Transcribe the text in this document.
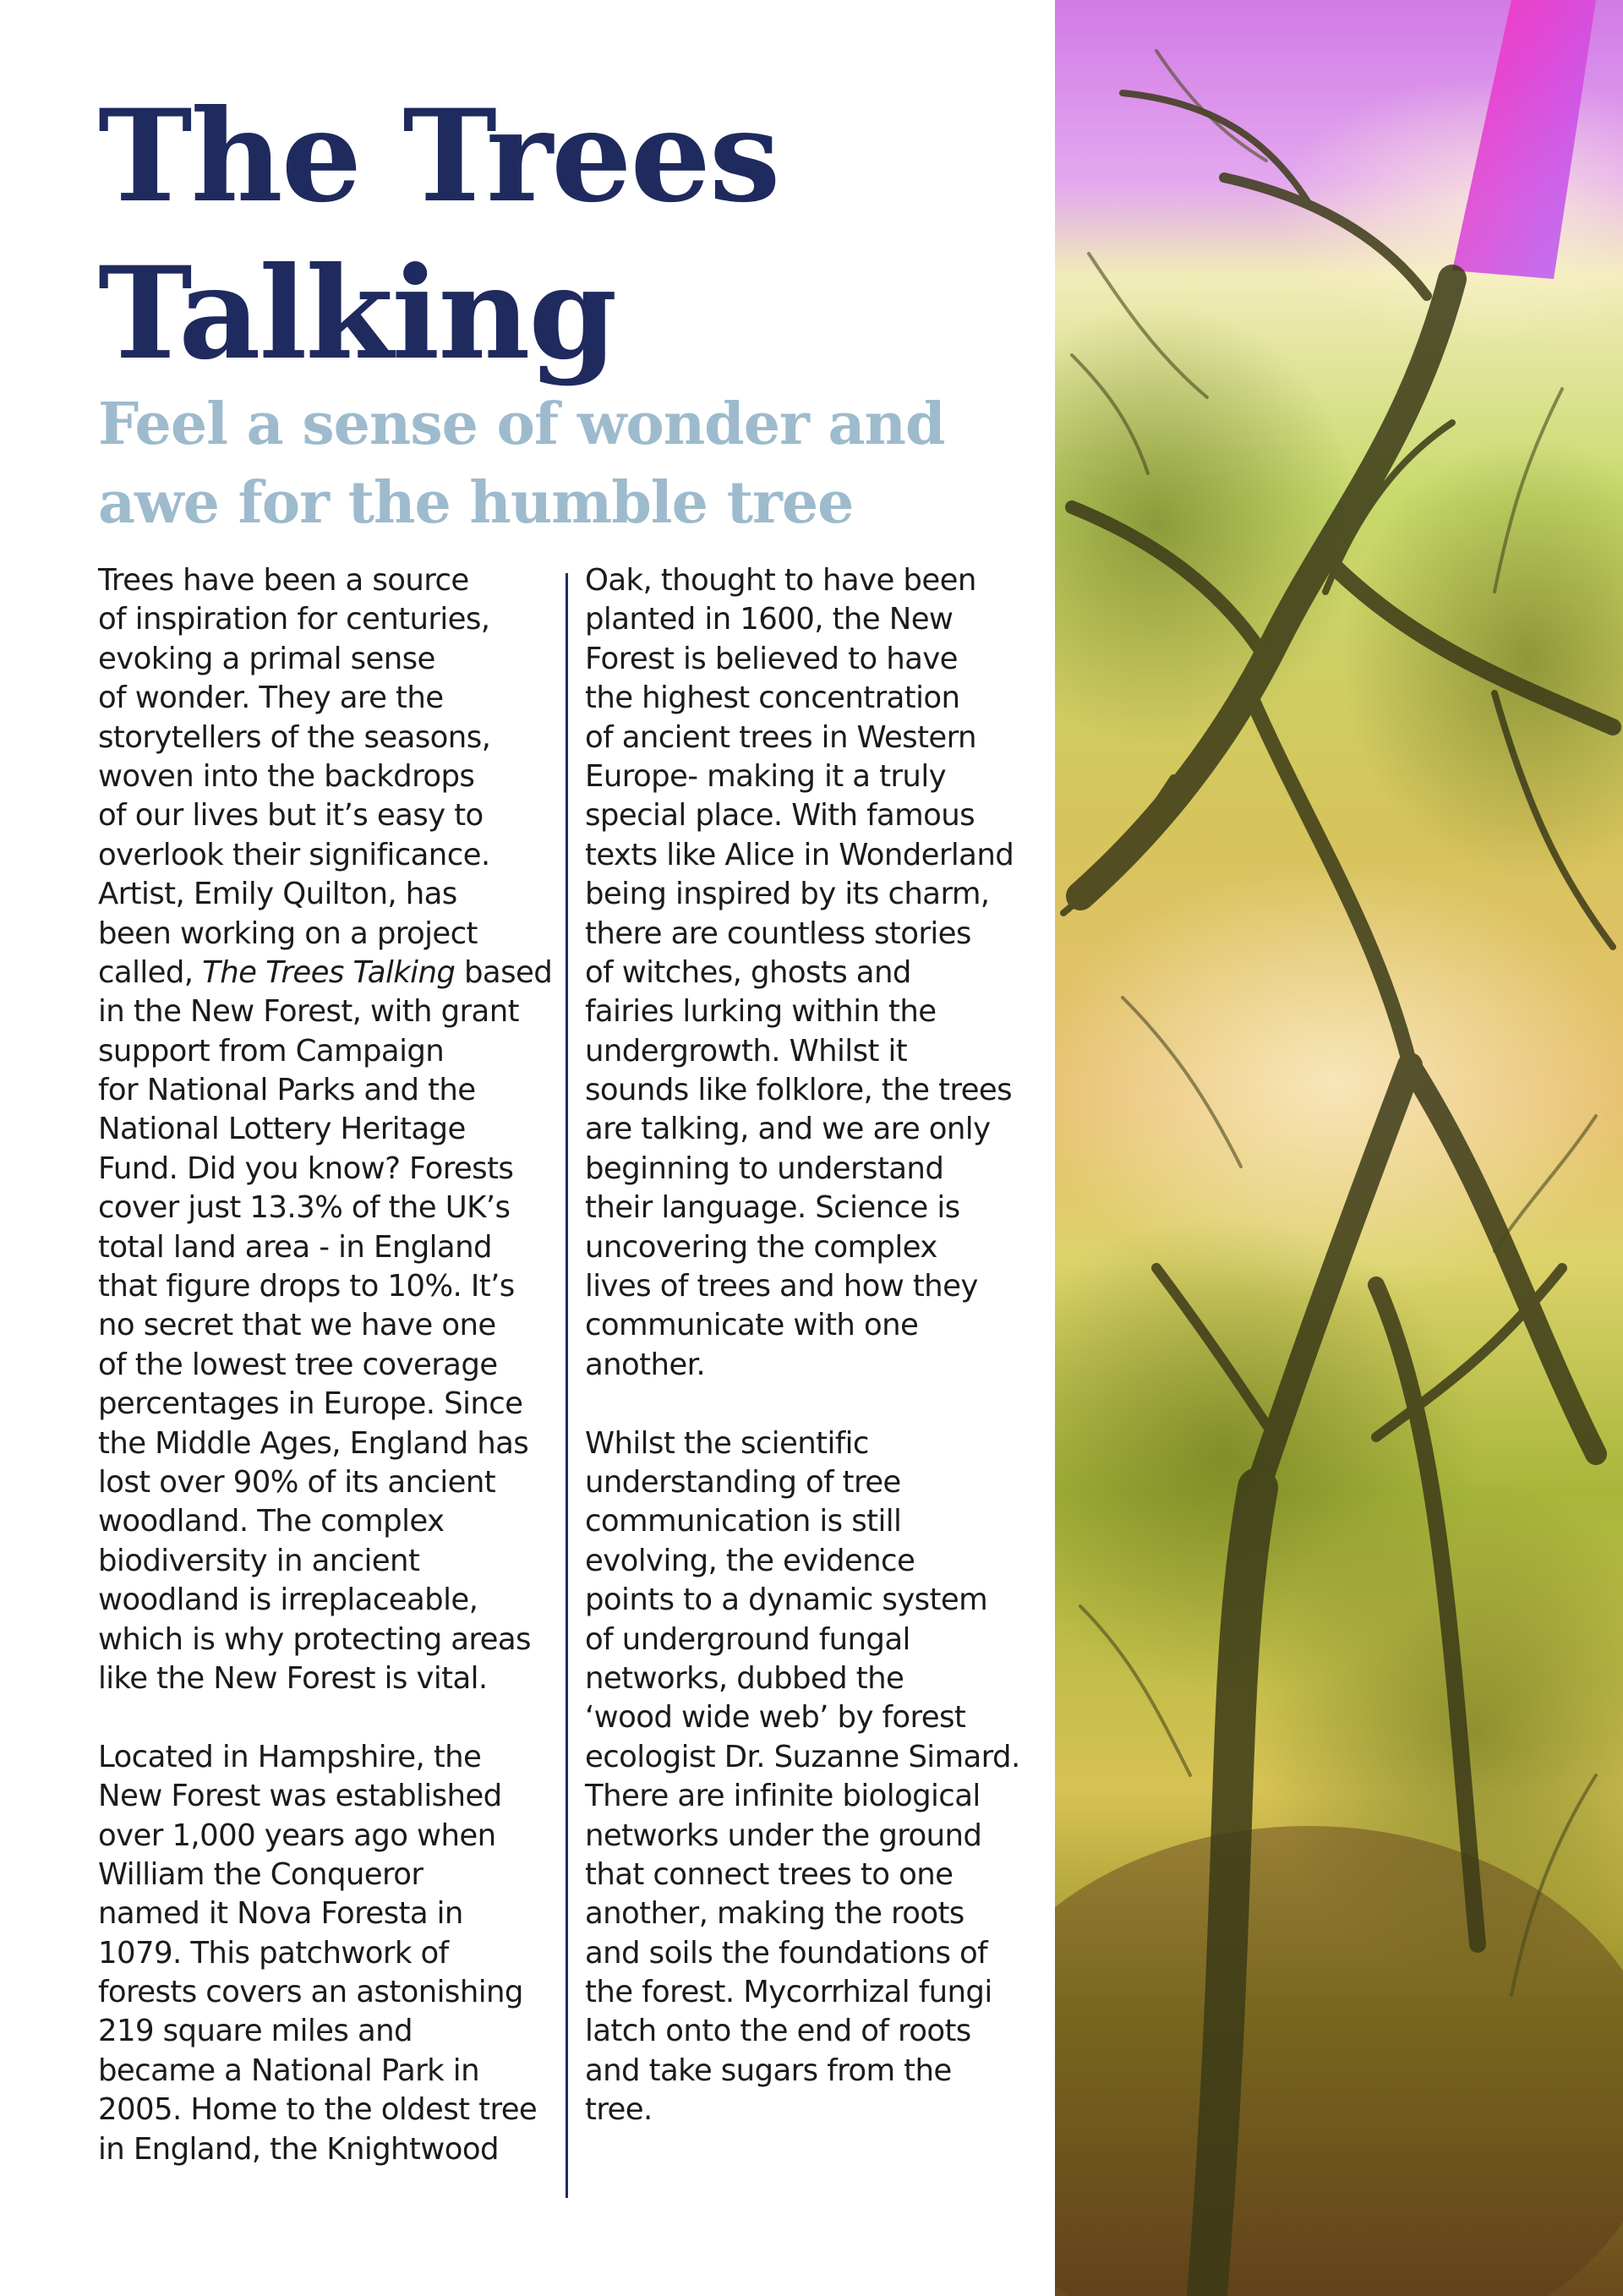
The Trees
Talking
Feel a sense of wonder and
awe for the humble tree
Trees have been a source
of inspiration for centuries,
evoking a primal sense
of wonder. They are the
storytellers of the seasons,
woven into the backdrops
of our lives but it’s easy to
overlook their significance.
Artist, Emily Quilton, has
been working on a project
called, The Trees Talking based
in the New Forest, with grant
support from Campaign
for National Parks and the
National Lottery Heritage
Fund. Did you know? Forests
cover just 13.3% of the UK’s
total land area - in England
that figure drops to 10%. It’s
no secret that we have one
of the lowest tree coverage
percentages in Europe. Since
the Middle Ages, England has
lost over 90% of its ancient
woodland. The complex
biodiversity in ancient
woodland is irreplaceable,
which is why protecting areas
like the New Forest is vital.
Located in Hampshire, the
New Forest was established
over 1,000 years ago when
William the Conqueror
named it Nova Foresta in
1079. This patchwork of
forests covers an astonishing
219 square miles and
became a National Park in
2005. Home to the oldest tree
in England, the Knightwood
Oak, thought to have been
planted in 1600, the New
Forest is believed to have
the highest concentration
of ancient trees in Western
Europe- making it a truly
special place. With famous
texts like Alice in Wonderland
being inspired by its charm,
there are countless stories
of witches, ghosts and
fairies lurking within the
undergrowth. Whilst it
sounds like folklore, the trees
are talking, and we are only
beginning to understand
their language. Science is
uncovering the complex
lives of trees and how they
communicate with one
another.
Whilst the scientific
understanding of tree
communication is still
evolving, the evidence
points to a dynamic system
of underground fungal
networks, dubbed the
‘wood wide web’ by forest
ecologist Dr. Suzanne Simard.
There are infinite biological
networks under the ground
that connect trees to one
another, making the roots
and soils the foundations of
the forest. Mycorrhizal fungi
latch onto the end of roots
and take sugars from the
tree.
